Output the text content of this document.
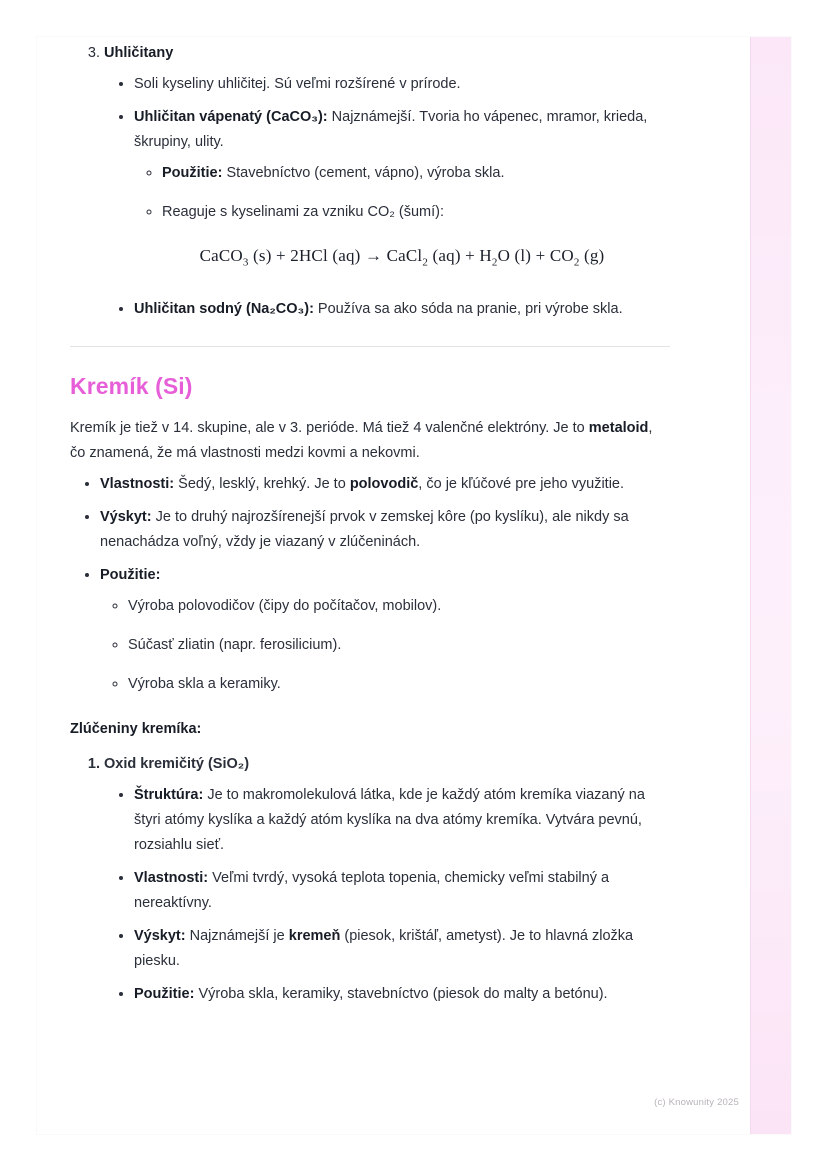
3. Uhličitany
• Soli kyseliny uhličitej. Sú veľmi rozšírené v prírode.
• Uhličitan vápenatý (CaCO₃): Najznámejší. Tvoria ho vápenec, mramor, krieda, škrupiny, ulity.
◦ Použitie: Stavebníctvo (cement, vápno), výroba skla.
◦ Reaguje s kyselinami za vzniku CO₂ (šumí):
CaCO$_3$ (s) + 2HCl (aq) → CaCl$_2$ $(aq) + H_2O$ $(l) + CO_2$ (g)
• Uhličitan sodný (Na₂CO₃): Používa sa ako sóda na pranie, pri výrobe skla.
Kremík (Si)

Kremík je tiež v 14. skupine, ale v 3. perióde. Má tiež 4 valenčné elektróny. Je to metaloid, čo znamená, že má vlastnosti medzi kovmi a nekovmi.

• Vlastnosti: Šedý, lesklý, krehký. Je to polovodič, čo je kľúčové pre jeho využitie.
• Výskyt: Je to druhý najrozšírenejší prvok v zemskej kôre (po kyslíku), ale nikdy sa nenachádza voľný, vždy je viazaný v zlúčeninách.
• Použitie:
◦ Výroba polovodičov (čipy do počítačov, mobilov).
◦ Súčasť zliatin (napr. ferosilicium).
◦ Výroba skla a keramiky.
Zlúčeniny kremíka:
1. Oxid kremičitý (SiO₂)
• Štruktúra: Je to makromolekulová látka, kde je každý atóm kremíka viazaný na štyri atómy kyslíka a každý atóm kyslíka na dva atómy kremíka. Vytvára pevnú, rozsiahlu sieť.
• Vlastnosti: Veľmi tvrdý, vysoká teplota topenia, chemicky veľmi stabilný a nereaktívny.
• Výskyt: Najznámejší je kremeň (piesok, krištáľ, ametyst). Je to hlavná zložka piesku.
• Použitie: Výroba skla, keramiky, stavebníctvo (piesok do malty a betónu).
(c) Knowunity 2025
